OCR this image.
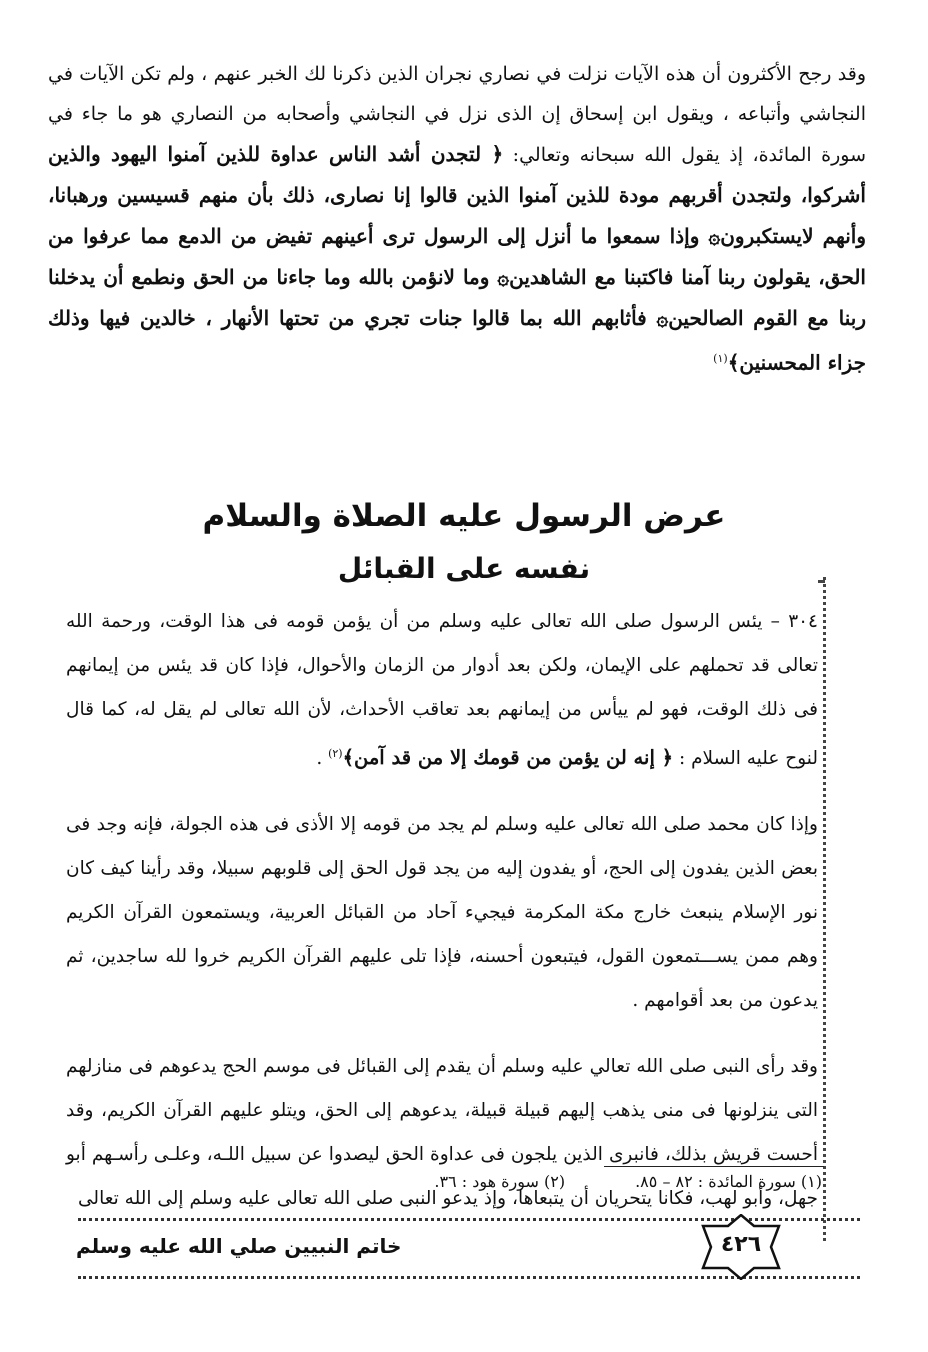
وقد رجح الأكثرون أن هذه الآيات نزلت في نصاري نجران الذين ذكرنا لك الخبر عنهم ، ولم تكن الآيات في النجاشي وأتباعه ، ويقول ابن إسحاق إن الذى نزل في النجاشي وأصحابه من النصاري هو ما جاء في سورة المائدة، إذ يقول الله سبحانه وتعالي: ﴿ لتجدن أشد الناس عداوة للذين آمنوا اليهود والذين أشركوا، ولتجدن أقربهم مودة للذين آمنوا الذين قالوا إنا نصارى، ذلك بأن منهم قسيسين ورهبانا، وأنهم لايستكبرون۞ وإذا سمعوا ما أنزل إلى الرسول ترى أعينهم تفيض من الدمع مما عرفوا من الحق، يقولون ربنا آمنا فاكتبنا مع الشاهدين۞ وما لانؤمن بالله وما جاءنا من الحق ونطمع أن يدخلنا ربنا مع القوم الصالحين۞ فأثابهم الله بما قالوا جنات تجري من تحتها الأنهار ، خالدين فيها وذلك جزاء المحسنين﴾$^{(١)}$

عرض الرسول عليه الصلاة والسلام
نفسه على القبائل

٣٠٤ – يئس الرسول صلى الله تعالى عليه وسلم من أن يؤمن قومه فى هذا الوقت، ورحمة الله تعالى قد تحملهم على الإيمان، ولكن بعد أدوار من الزمان والأحوال، فإذا كان قد يئس من إيمانهم فى ذلك الوقت، فهو لم ييأس من إيمانهم بعد تعاقب الأحداث، لأن الله تعالى لم يقل له، كما قال لنوح عليه السلام : ﴿ إنه لن يؤمن من قومك إلا من قد آمن﴾$^{(٢)}$ .

وإذا كان محمد صلى الله تعالى عليه وسلم لم يجد من قومه إلا الأذى فى هذه الجولة، فإنه وجد فى بعض الذين يفدون إلى الحج، أو يفدون إليه من يجد قول الحق إلى قلوبهم سبيلا، وقد رأينا كيف كان نور الإسلام ينبعث خارج مكة المكرمة فيجيء آحاد من القبائل العربية، ويستمعون القرآن الكريم وهم ممن يســـتمعون القول، فيتبعون أحسنه، فإذا تلى عليهم القرآن الكريم خروا لله ساجدين، ثم يدعون من بعد أقوامهم .

وقد رأى النبى صلى الله تعالي عليه وسلم أن يقدم إلى القبائل فى موسم الحج يدعوهم فى منازلهم التى ينزلونها فى منى يذهب إليهم قبيلة قبيلة، يدعوهم إلى الحق، ويتلو عليهم القرآن الكريم، وقد أحست قريش بذلك، فانبرى الذين يلجون فى عداوة الحق ليصدوا عن سبيل اللـه، وعلـى رأسـهم أبو جهل، وأبو لهب، فكانا يتحريان أن يتبعاها، وإذ يدعو النبى صلى الله تعالى عليه وسلم إلى الله تعالى

(١) سورة المائدة : ٨٢ – ٨٥.(٢) سورة هود : ٣٦.
٤٢٦
خاتم النبيين صلي الله عليه وسلم
